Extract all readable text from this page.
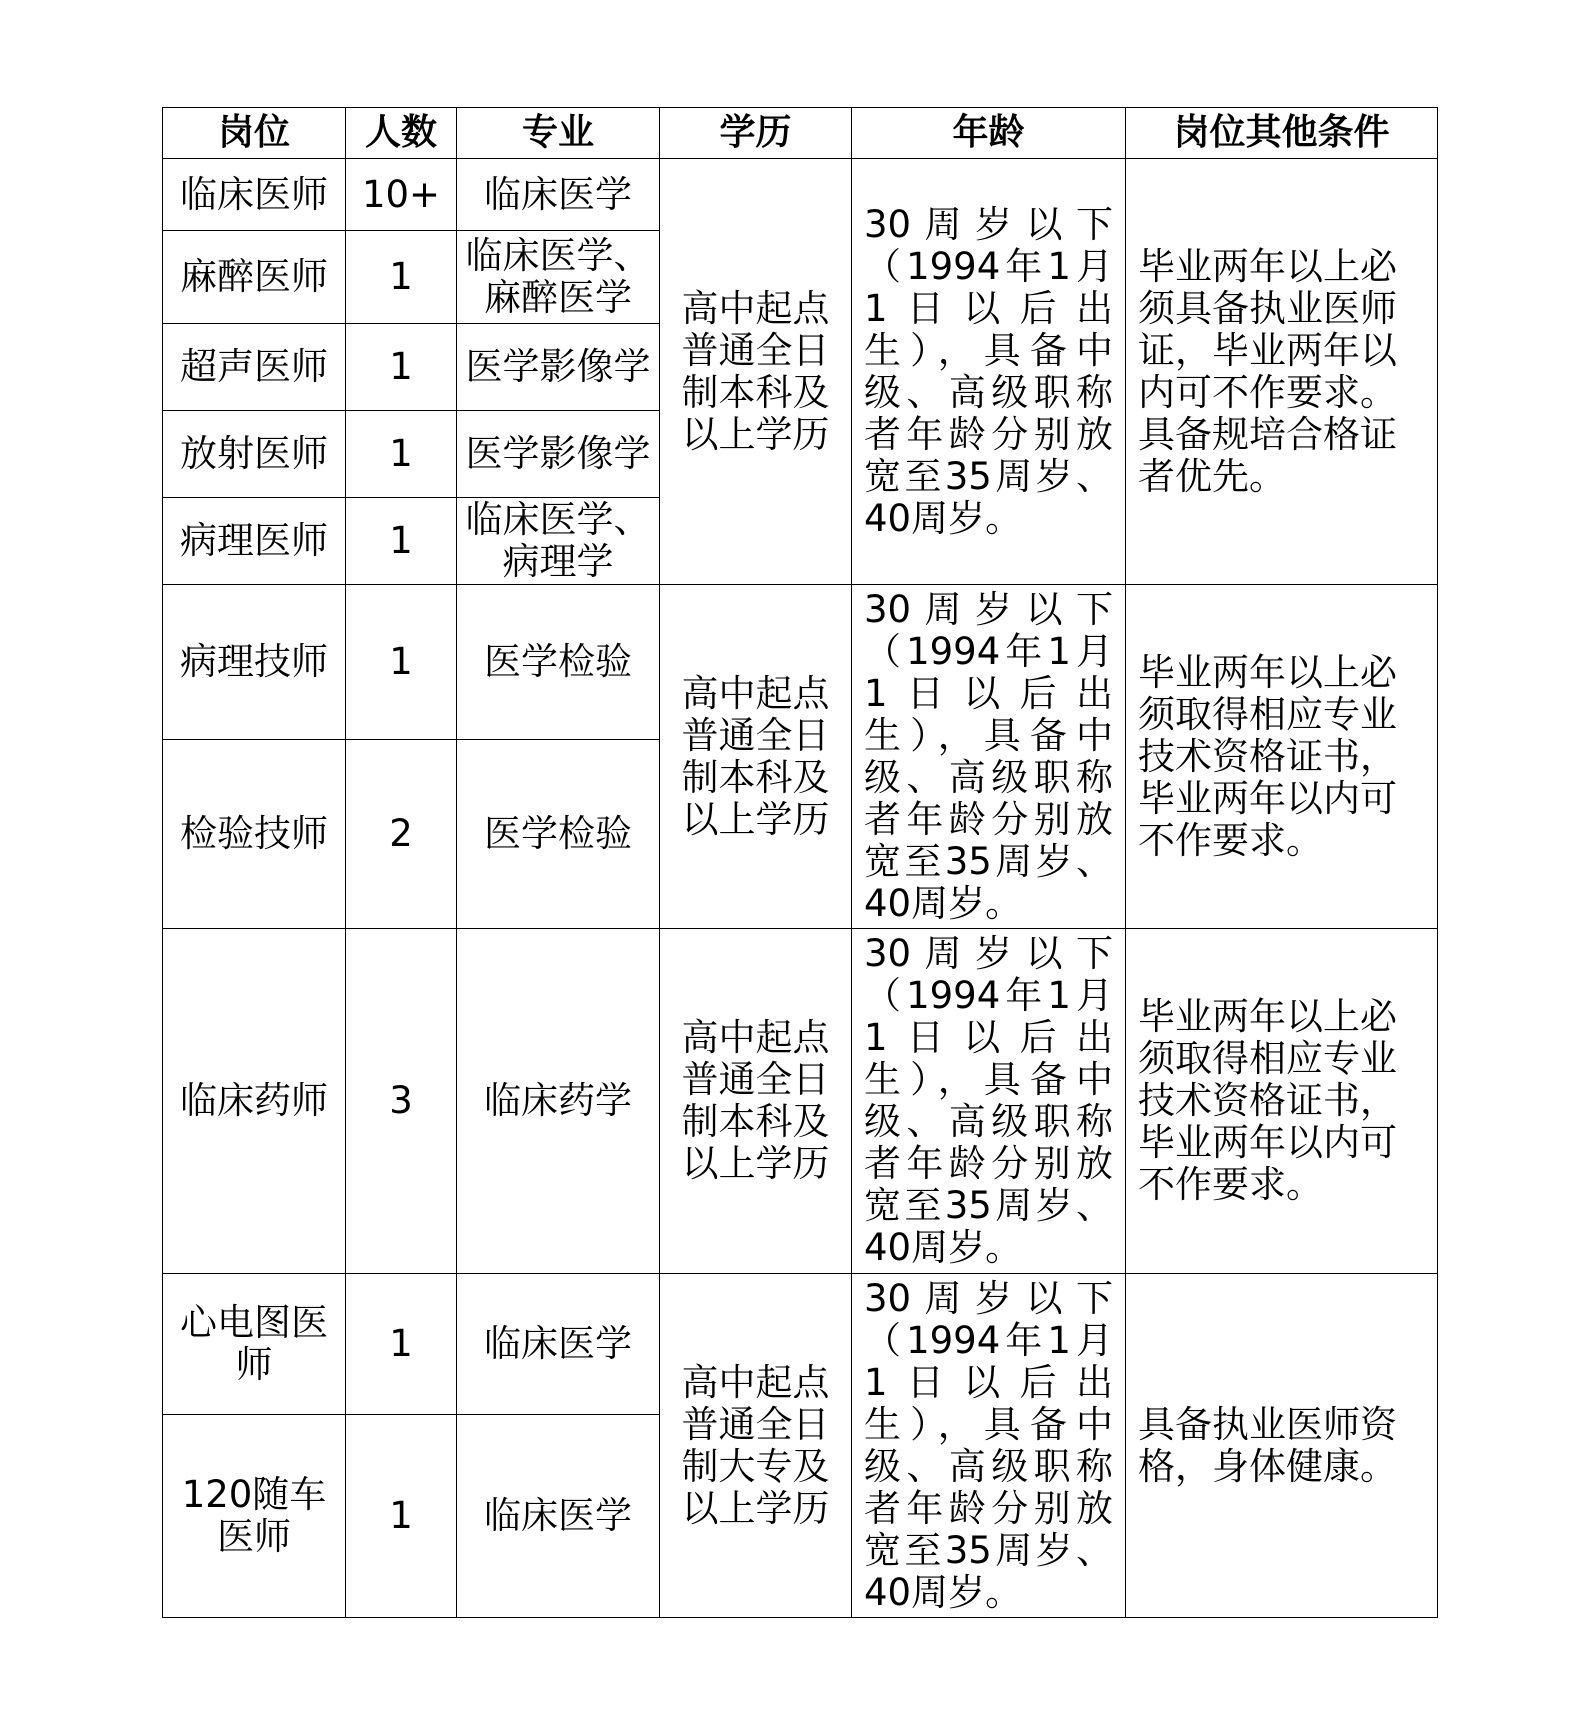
岗位	人数	专业	学历	年龄	岗位其他条件
临床医师	10+	临床医学	高中起点普通全日制本科及以上学历	30周岁以下（1994年1月1日以后出生），具备中级、高级职称者年龄分别放宽至35周岁、40周岁。	毕业两年以上必须具备执业医师证，毕业两年以内可不作要求。具备规培合格证者优先。
麻醉医师	1	临床医学、麻醉医学			
超声医师	1	医学影像学			
放射医师	1	医学影像学			
病理医师	1	临床医学、病理学			
病理技师	1	医学检验	高中起点普通全日制本科及以上学历	30周岁以下（1994年1月1日以后出生），具备中级、高级职称者年龄分别放宽至35周岁、40周岁。	毕业两年以上必须取得相应专业技术资格证书，毕业两年以内可不作要求。
检验技师	2	医学检验			
临床药师	3	临床药学	高中起点普通全日制本科及以上学历	30周岁以下（1994年1月1日以后出生），具备中级、高级职称者年龄分别放宽至35周岁、40周岁。	毕业两年以上必须取得相应专业技术资格证书，毕业两年以内可不作要求。
心电图医师	1	临床医学	高中起点普通全日制大专及以上学历	30周岁以下（1994年1月1日以后出生），具备中级、高级职称者年龄分别放宽至35周岁、40周岁。	具备执业医师资格，身体健康。
120随车医师	1	临床医学			
